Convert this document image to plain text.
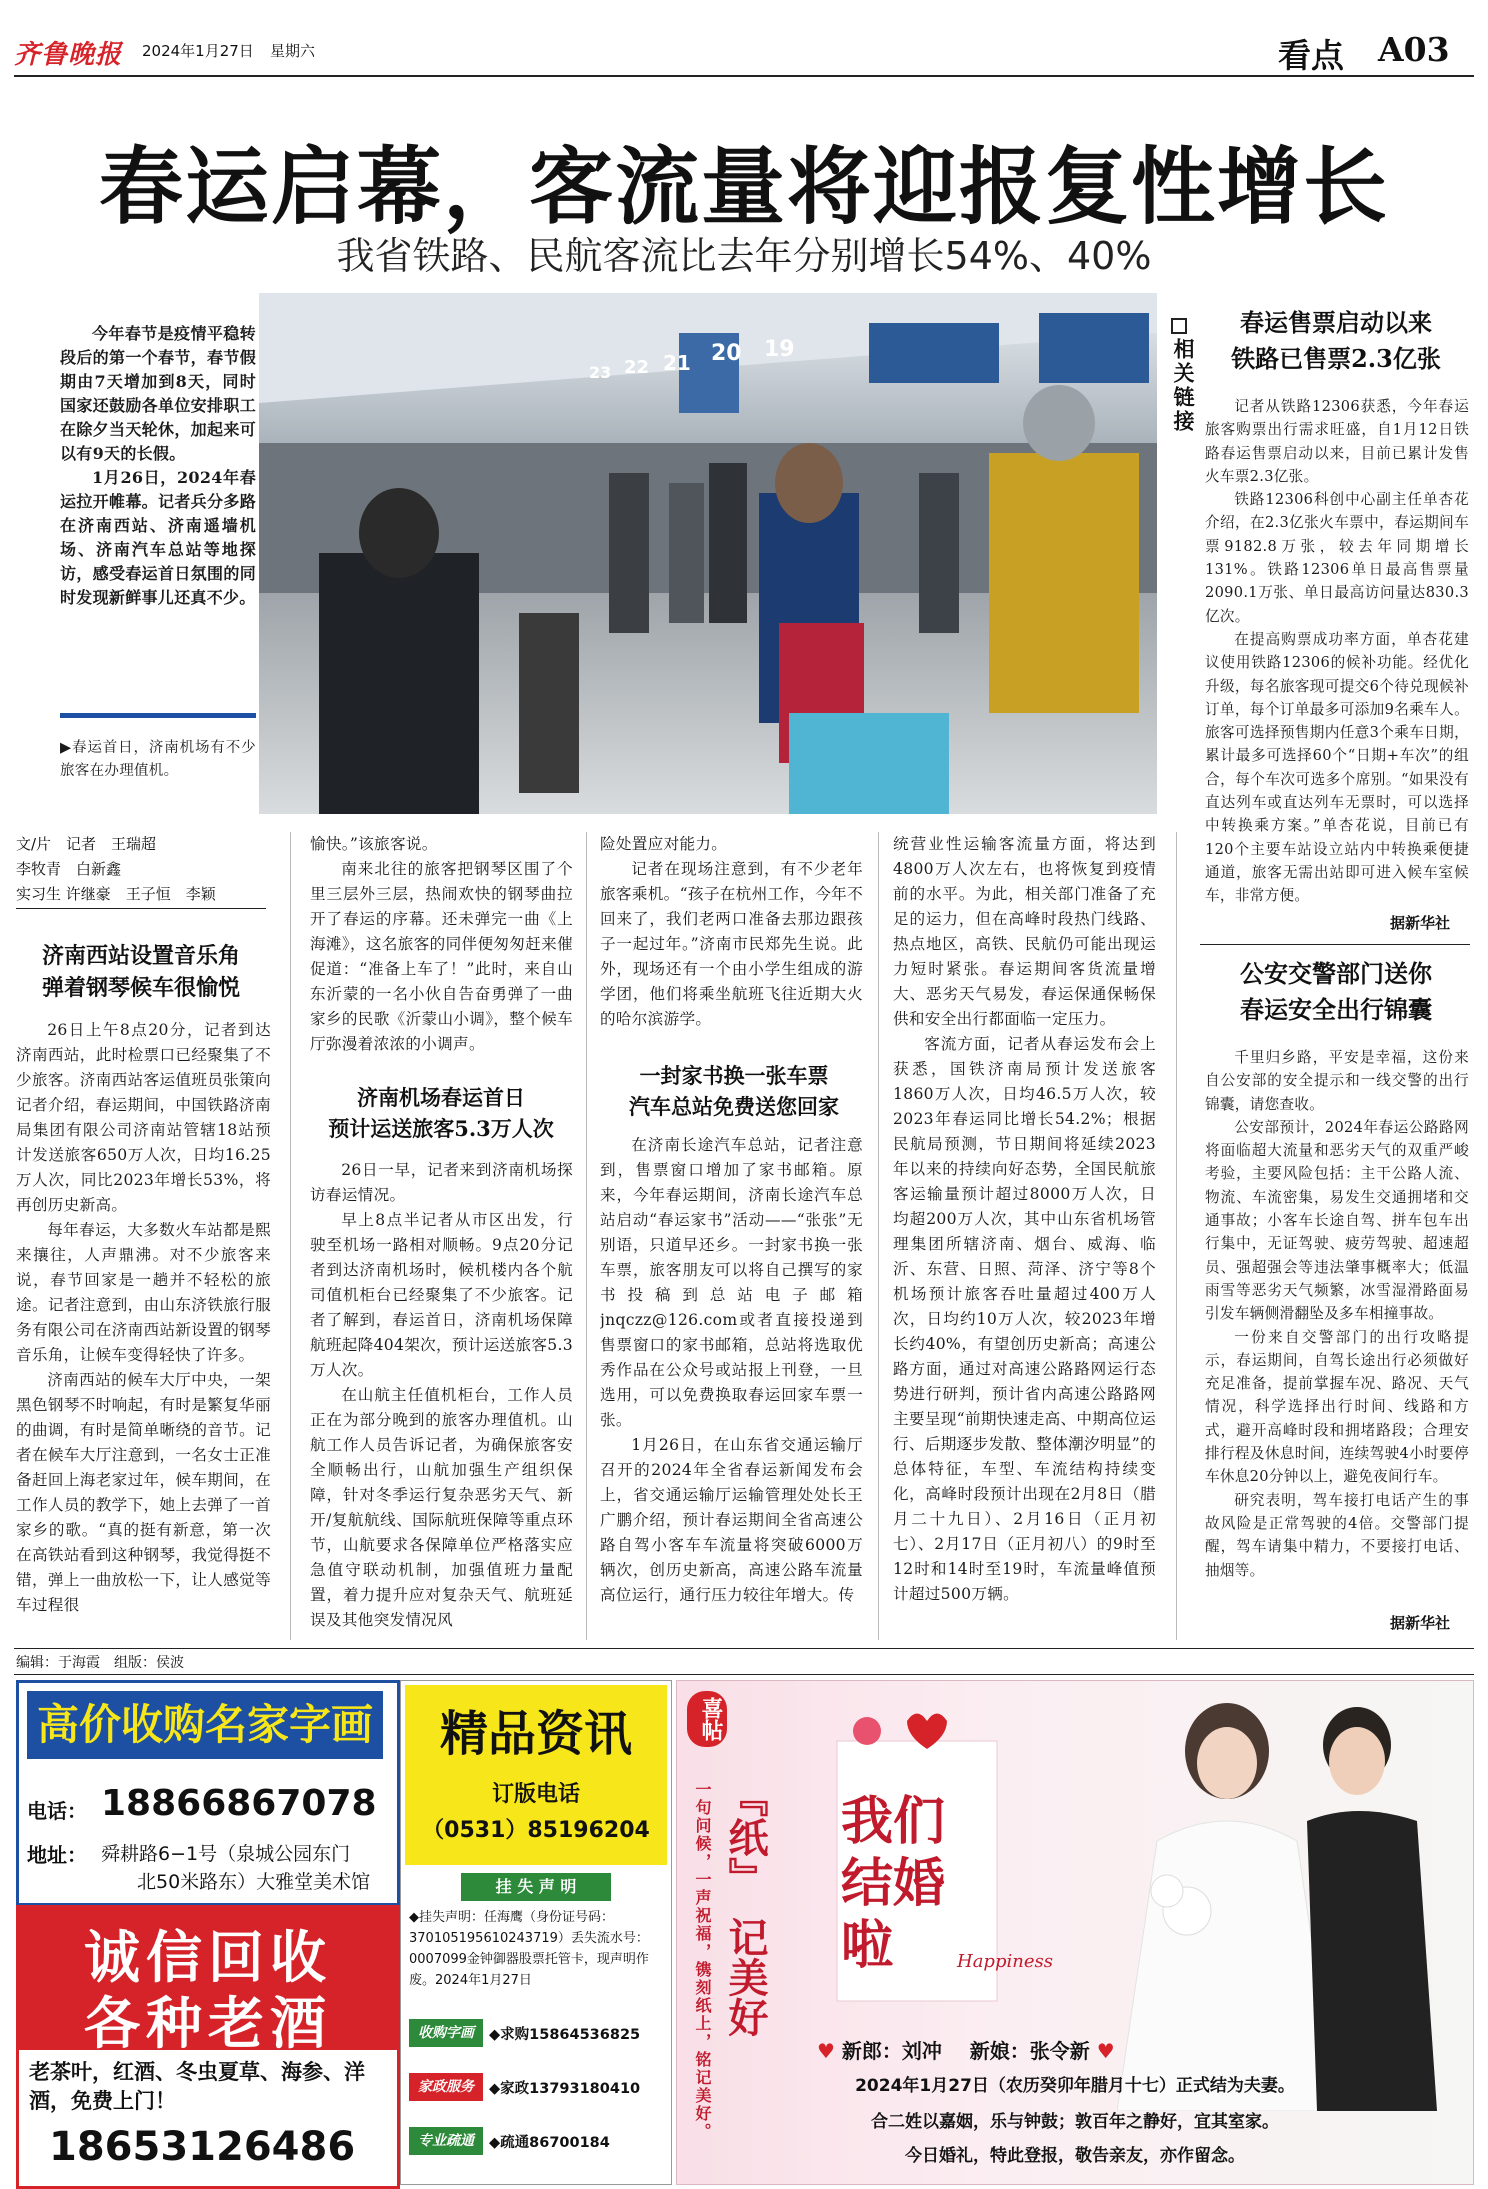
齐鲁晚报 2024年1月27日 星期六	看点 A03
春运启幕，客流量将迎报复性增长
我省铁路、民航客流比去年分别增长54%、40%

今年春节是疫情平稳转段后的第一个春节，春节假期由7天增加到8天，同时国家还鼓励各单位安排职工在除夕当天轮休，加起来可以有9天的长假。

1月26日，2024年春运拉开帷幕。记者兵分多路在济南西站、济南遥墙机场、济南汽车总站等地探访，感受春运首日氛围的同时发现新鲜事儿还真不少。

▶春运首日，济南机场有不少旅客在办理值机。
20 19
21
22
23
文/片　记者　王瑞超
李牧青　白新鑫
实习生 许继豪　王子恒　李颖
济南西站设置音乐角
弹着钢琴候车很愉悦

26日上午8点20分，记者到达济南西站，此时检票口已经聚集了不少旅客。济南西站客运值班员张策向记者介绍，春运期间，中国铁路济南局集团有限公司济南站管辖18站预计发送旅客650万人次，日均16.25万人次，同比2023年增长53%，将再创历史新高。

每年春运，大多数火车站都是熙来攘往，人声鼎沸。对不少旅客来说，春节回家是一趟并不轻松的旅途。记者注意到，由山东济铁旅行服务有限公司在济南西站新设置的钢琴音乐角，让候车变得轻快了许多。

济南西站的候车大厅中央，一架黑色钢琴不时响起，有时是繁复华丽的曲调，有时是简单晰绕的音节。记者在候车大厅注意到，一名女士正准备赶回上海老家过年，候车期间，在工作人员的教学下，她上去弹了一首家乡的歌。“真的挺有新意，第一次在高铁站看到这种钢琴，我觉得挺不错，弹上一曲放松一下，让人感觉等车过程很

愉快。”该旅客说。

南来北往的旅客把钢琴区围了个里三层外三层，热闹欢快的钢琴曲拉开了春运的序幕。还未弹完一曲《上海滩》，这名旅客的同伴便匆匆赶来催促道：“准备上车了！”此时，来自山东沂蒙的一名小伙自告奋勇弹了一曲家乡的民歌《沂蒙山小调》，整个候车厅弥漫着浓浓的小调声。

济南机场春运首日
预计运送旅客5.3万人次

26日一早，记者来到济南机场探访春运情况。

早上8点半记者从市区出发，行驶至机场一路相对顺畅。9点20分记者到达济南机场时，候机楼内各个航司值机柜台已经聚集了不少旅客。记者了解到，春运首日，济南机场保障航班起降404架次，预计运送旅客5.3万人次。

在山航主任值机柜台，工作人员正在为部分晚到的旅客办理值机。山航工作人员告诉记者，为确保旅客安全顺畅出行，山航加强生产组织保障，针对冬季运行复杂恶劣天气、新开/复航航线、国际航班保障等重点环节，山航要求各保障单位严格落实应急值守联动机制，加强值班力量配置，着力提升应对复杂天气、航班延误及其他突发情况风

险处置应对能力。

记者在现场注意到，有不少老年旅客乘机。“孩子在杭州工作，今年不回来了，我们老两口准备去那边跟孩子一起过年。”济南市民郑先生说。此外，现场还有一个由小学生组成的游学团，他们将乘坐航班飞往近期大火的哈尔滨游学。

一封家书换一张车票
汽车总站免费送您回家

在济南长途汽车总站，记者注意到，售票窗口增加了家书邮箱。原来，今年春运期间，济南长途汽车总站启动“春运家书”活动——“张张”无别语，只道早还乡。一封家书换一张车票，旅客朋友可以将自己撰写的家书投稿到总站电子邮箱jnqczz@126.com或者直接投递到售票窗口的家书邮箱，总站将选取优秀作品在公众号或站报上刊登，一旦选用，可以免费换取春运回家车票一张。

1月26日，在山东省交通运输厅召开的2024年全省春运新闻发布会上，省交通运输厅运输管理处处长王广鹏介绍，预计春运期间全省高速公路自驾小客车车流量将突破6000万辆次，创历史新高，高速公路车流量高位运行，通行压力较往年增大。传

统营业性运输客流量方面，将达到4800万人次左右，也将恢复到疫情前的水平。为此，相关部门准备了充足的运力，但在高峰时段热门线路、热点地区，高铁、民航仍可能出现运力短时紧张。春运期间客货流量增大、恶劣天气易发，春运保通保畅保供和安全出行都面临一定压力。

客流方面，记者从春运发布会上获悉，国铁济南局预计发送旅客1860万人次，日均46.5万人次，较2023年春运同比增长54.2%；根据民航局预测，节日期间将延续2023年以来的持续向好态势，全国民航旅客运输量预计超过8000万人次，日均超200万人次，其中山东省机场管理集团所辖济南、烟台、威海、临沂、东营、日照、菏泽、济宁等8个机场预计旅客吞吐量超过400万人次，日均约10万人次，较2023年增长约40%，有望创历史新高；高速公路方面，通过对高速公路路网运行态势进行研判，预计省内高速公路路网主要呈现“前期快速走高、中期高位运行、后期逐步发散、整体潮汐明显”的总体特征，车型、车流结构持续变化，高峰时段预计出现在2月8日（腊月二十九日）、2月16日（正月初七）、2月17日（正月初八）的9时至12时和14时至19时，车流量峰值预计超过500万辆。

相关链接
春运售票启动以来
铁路已售票2.3亿张

记者从铁路12306获悉，今年春运旅客购票出行需求旺盛，自1月12日铁路春运售票启动以来，目前已累计发售火车票2.3亿张。

铁路12306科创中心副主任单杏花介绍，在2.3亿张火车票中，春运期间车票9182.8万张，较去年同期增长131%。铁路12306单日最高售票量2090.1万张、单日最高访问量达830.3亿次。

在提高购票成功率方面，单杏花建议使用铁路12306的候补功能。经优化升级，每名旅客现可提交6个待兑现候补订单，每个订单最多可添加9名乘车人。旅客可选择预售期内任意3个乘车日期，累计最多可选择60个“日期+车次”的组合，每个车次可选多个席别。“如果没有直达列车或直达列车无票时，可以选择中转换乘方案。”单杏花说，目前已有120个主要车站设立站内中转换乘便捷通道，旅客无需出站即可进入候车室候车，非常方便。

据新华社
公安交警部门送你
春运安全出行锦囊

千里归乡路，平安是幸福，这份来自公安部的安全提示和一线交警的出行锦囊，请您查收。

公安部预计，2024年春运公路路网将面临超大流量和恶劣天气的双重严峻考验，主要风险包括：主干公路人流、物流、车流密集，易发生交通拥堵和交通事故；小客车长途自驾、拼车包车出行集中，无证驾驶、疲劳驾驶、超速超员、强超强会等违法肇事概率大；低温雨雪等恶劣天气频繁，冰雪湿滑路面易引发车辆侧滑翻坠及多车相撞事故。

一份来自交警部门的出行攻略提示，春运期间，自驾长途出行必须做好充足准备，提前掌握车况、路况、天气情况，科学选择出行时间、线路和方式，避开高峰时段和拥堵路段；合理安排行程及休息时间，连续驾驶4小时要停车休息20分钟以上，避免夜间行车。

研究表明，驾车接打电话产生的事故风险是正常驾驶的4倍。交警部门提醒，驾车请集中精力，不要接打电话、抽烟等。

据新华社
编辑：于海霞　组版：侯波
高价收购名家字画
电话： 18866867078
地址： 舜耕路6−1号（泉城公园东门
北50米路东）大雅堂美术馆
诚信回收
各种老酒
老茶叶，红酒、冬虫夏草、海参、洋酒，免费上门！
18653126486
精品资讯
订版电话
（0531）85196204
挂 失 声 明
◆挂失声明：任海鹰（身份证号码：370105195610243719）丢失流水号：0007099金钟御器股票托管卡，现声明作废。2024年1月27日
收购字画	◆求购15864536825
家政服务	◆家政13793180410
专业疏通	◆疏通86700184
喜帖
一句问候，一声祝福，镌刻纸上，铭记美好。 『纸』
记美好
我们结婚啦	Happiness
♥ 新郎：刘冲 新娘：张令新 ♥
2024年1月27日（农历癸卯年腊月十七）正式结为夫妻。
合二姓以嘉姻，乐与钟鼓；敦百年之静好，宜其室家。
今日婚礼，特此登报，敬告亲友，亦作留念。
